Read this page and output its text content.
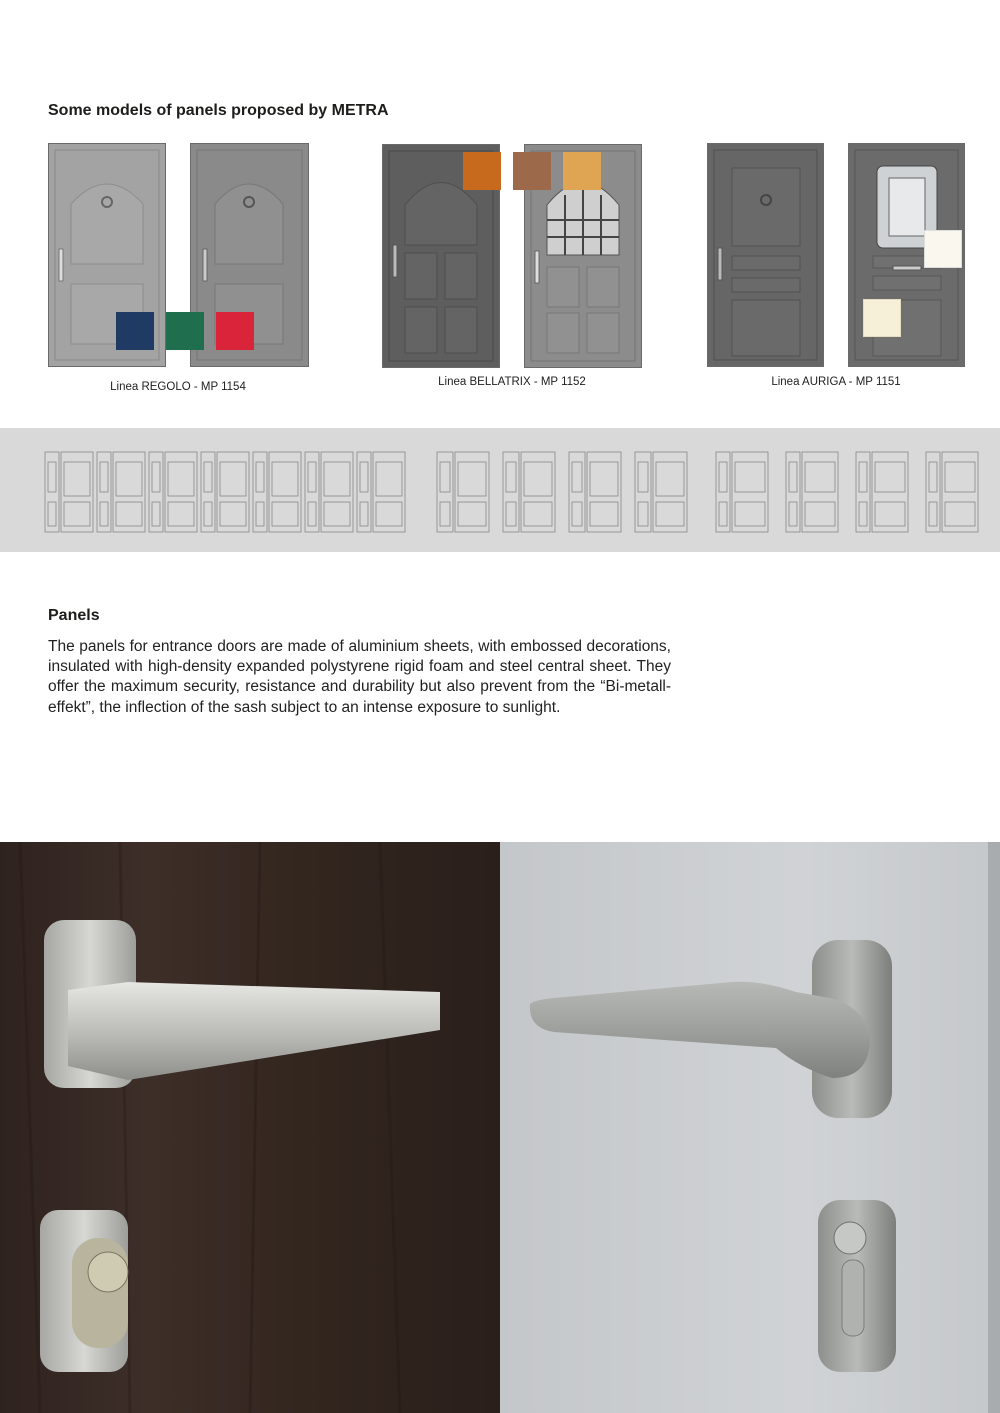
Some models of panels proposed by METRA
Linea REGOLO - MP 1154	Linea BELLATRIX - MP 1152	Linea AURIGA - MP 1151
Panels
The panels for entrance doors are made of aluminium sheets, with embossed decorations, insulated with high-density expanded polystyrene rigid foam and steel central sheet. They offer the maximum security, resistance and durability but also prevent from the “Bi-metall-effekt”, the inflection of the sash subject to an intense exposure to sunlight.
